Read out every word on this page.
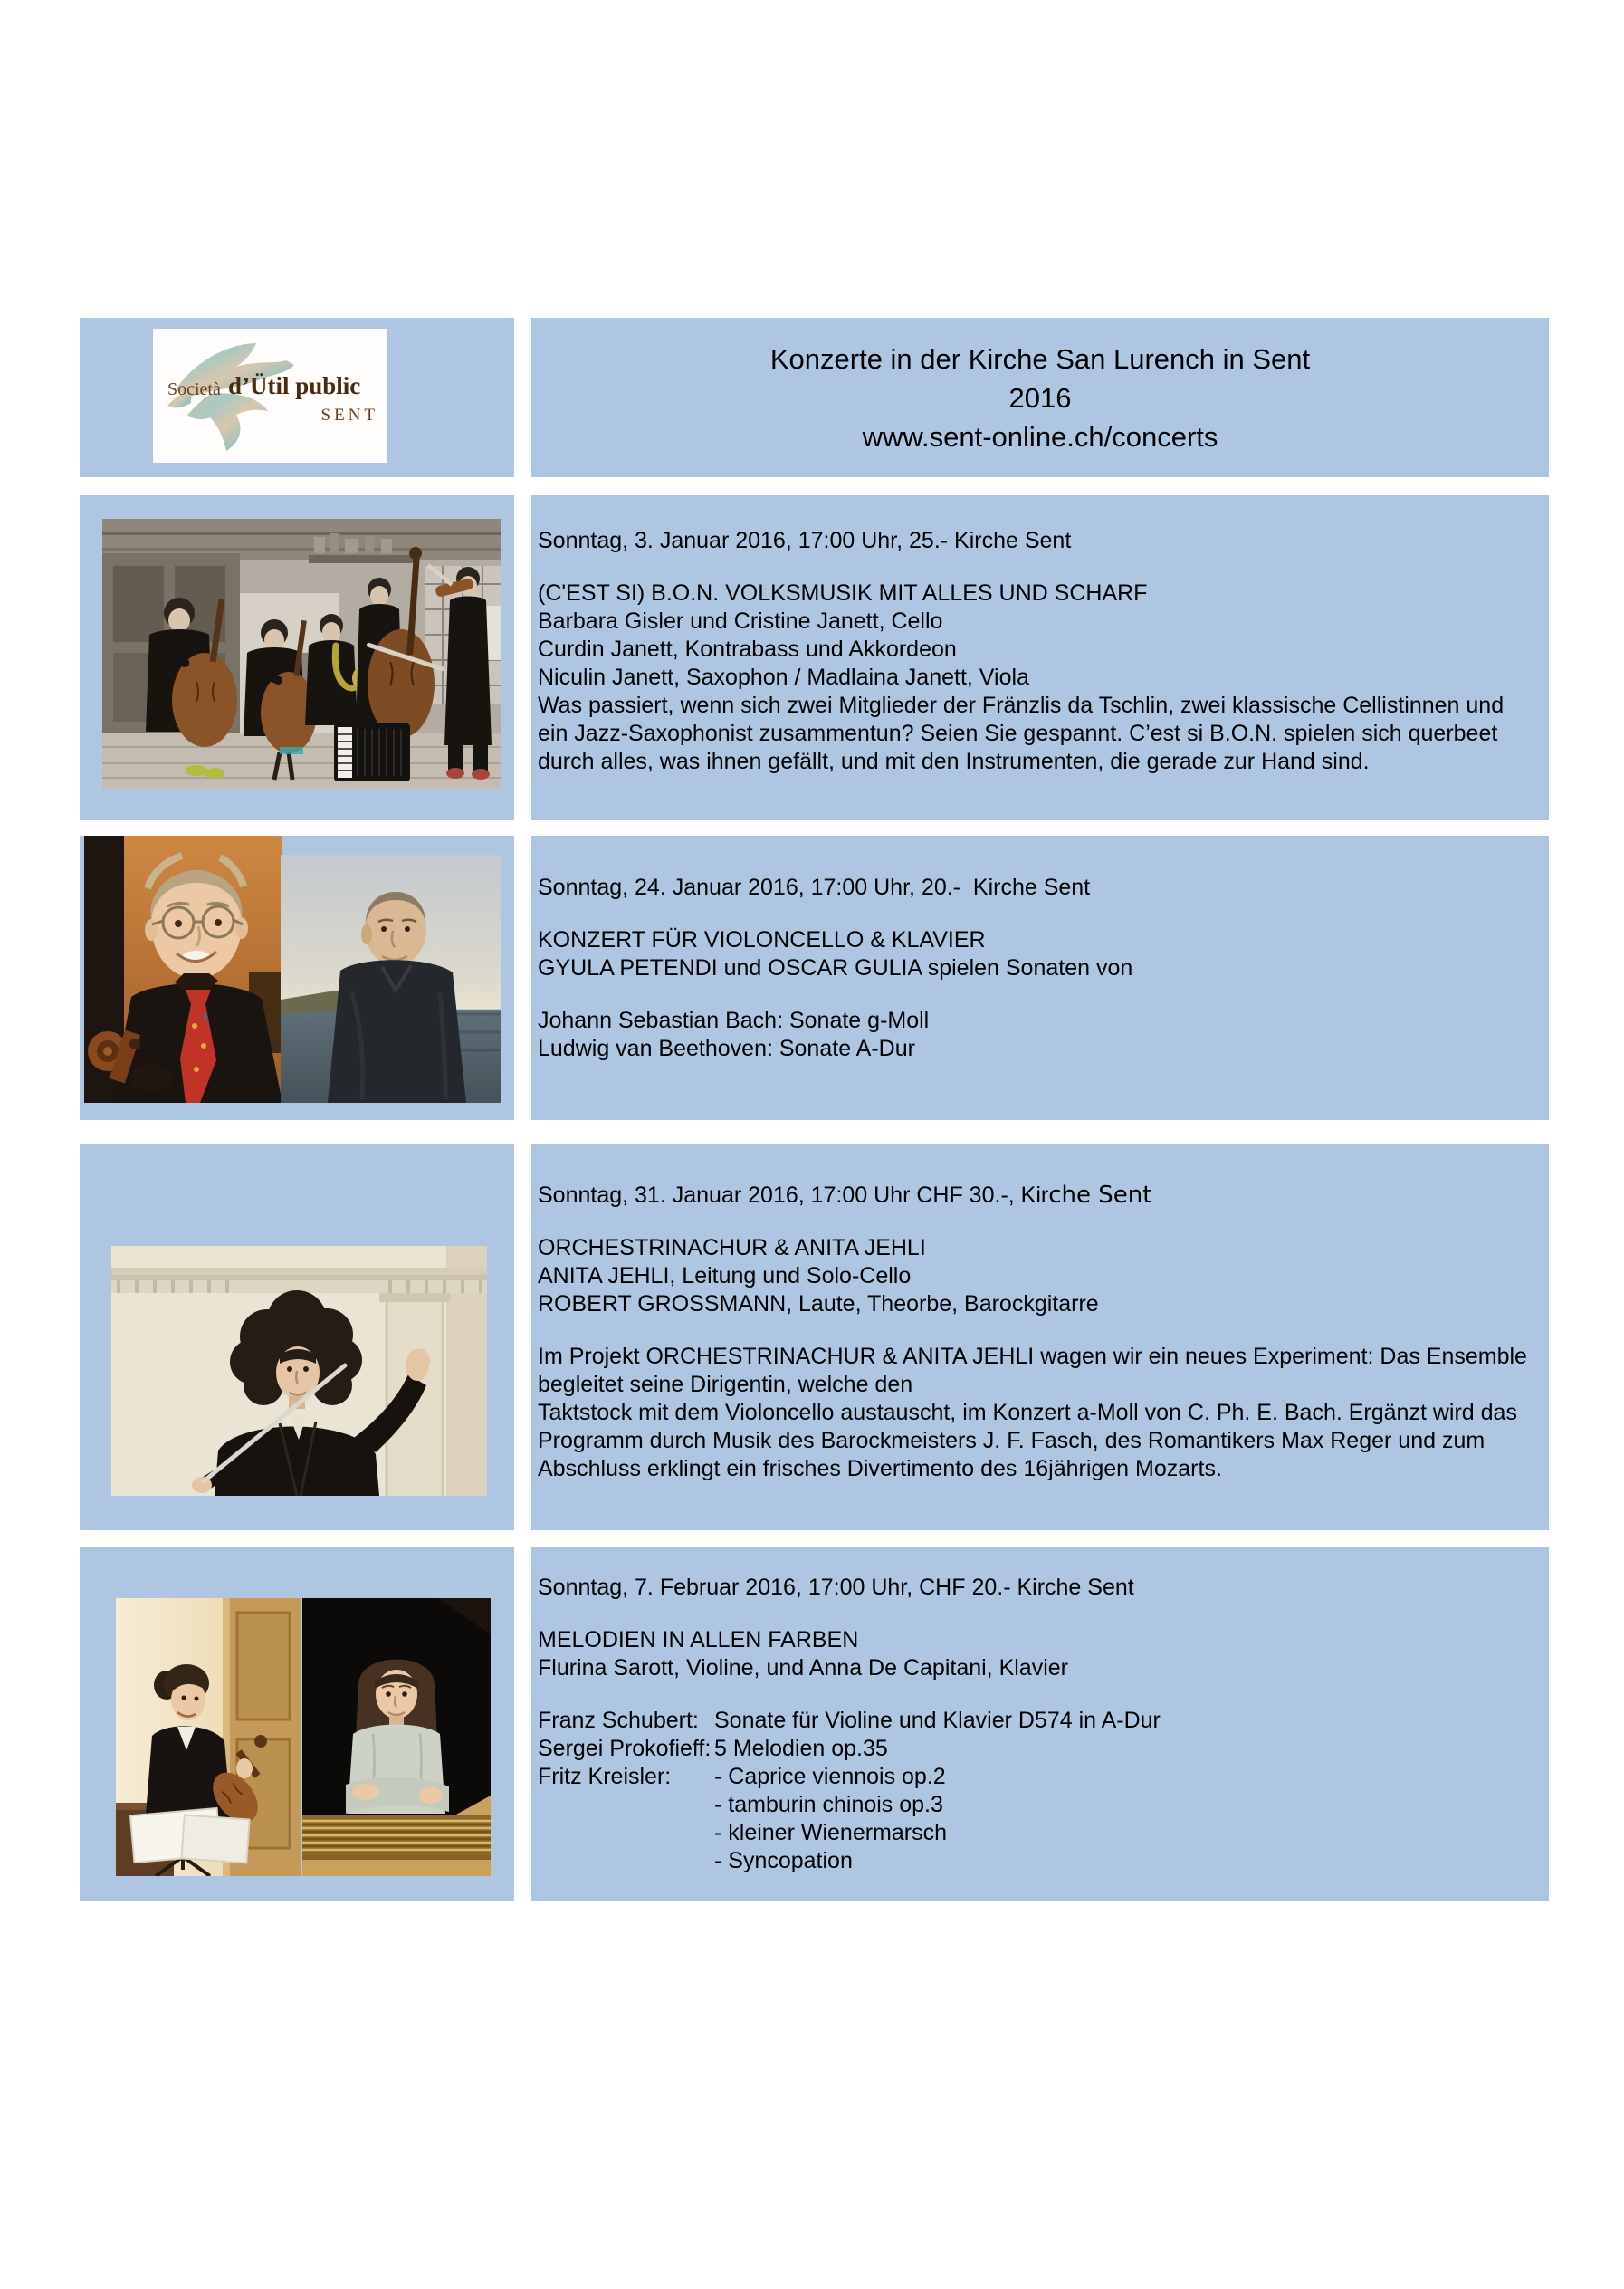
Società d’Ütil public
SENT
Konzerte in der Kirche San Lurench in Sent
2016
www.sent-online.ch/concerts
Sonntag, 3. Januar 2016, 17:00 Uhr, 25.- Kirche Sent
(C'EST SI) B.O.N. VOLKSMUSIK MIT ALLES UND SCHARF
Barbara Gisler und Cristine Janett, Cello
Curdin Janett, Kontrabass und Akkordeon
Niculin Janett, Saxophon / Madlaina Janett, Viola
Was passiert, wenn sich zwei Mitglieder der Fränzlis da Tschlin, zwei klassische Cellistinnen und ein Jazz-Saxophonist zusammentun? Seien Sie gespannt. C’est si B.O.N. spielen sich querbeet durch alles, was ihnen gefällt, und mit den Instrumenten, die gerade zur Hand sind.
Sonntag, 24. Januar 2016, 17:00 Uhr, 20.-  Kirche Sent
KONZERT FÜR VIOLONCELLO & KLAVIER
GYULA PETENDI und OSCAR GULIA spielen Sonaten von
Johann Sebastian Bach: Sonate g-Moll
Ludwig van Beethoven: Sonate A-Dur
Sonntag, 31. Januar 2016, 17:00 Uhr CHF 30.-, Kirche Sent
ORCHESTRINACHUR & ANITA JEHLI
ANITA JEHLI, Leitung und Solo-Cello
ROBERT GROSSMANN, Laute, Theorbe, Barockgitarre
Im Projekt ORCHESTRINACHUR & ANITA JEHLI wagen wir ein neues Experiment: Das Ensemble
begleitet seine Dirigentin, welche den
Taktstock mit dem Violoncello austauscht, im Konzert a-Moll von C. Ph. E. Bach. Ergänzt wird das Programm durch Musik des Barockmeisters J. F. Fasch, des Romantikers Max Reger und zum Abschluss erklingt ein frisches Divertimento des 16jährigen Mozarts.
Sonntag, 7. Februar 2016, 17:00 Uhr, CHF 20.- Kirche Sent
MELODIEN IN ALLEN FARBEN
Flurina Sarott, Violine, und Anna De Capitani, Klavier
Franz Schubert: Sonate für Violine und Klavier D574 in A-Dur
Sergei Prokofieff: 5 Melodien op.35
Fritz Kreisler:	- Caprice viennois op.2
- tamburin chinois op.3
- kleiner Wienermarsch
- Syncopation
